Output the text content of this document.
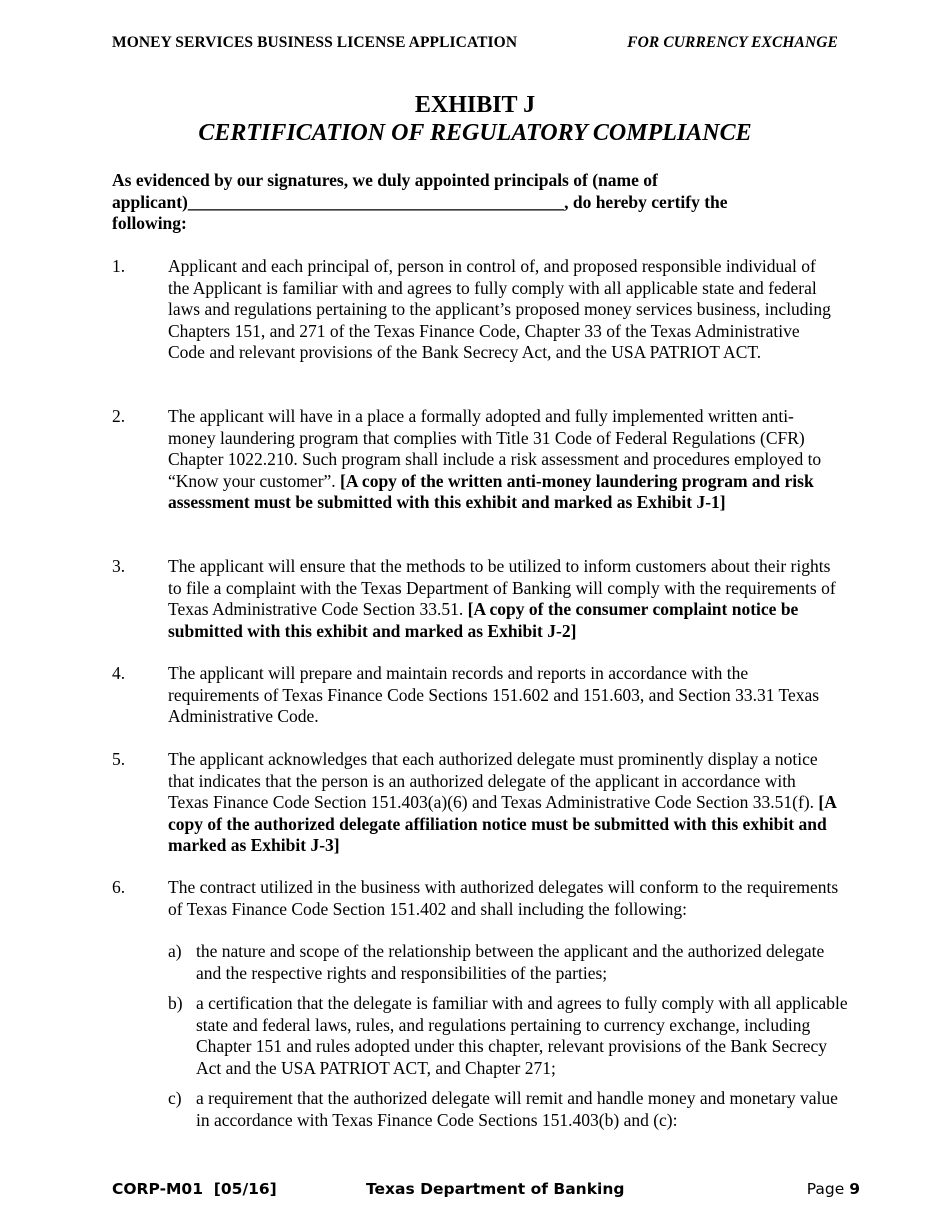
MONEY SERVICES BUSINESS LICENSE APPLICATION	FOR CURRENCY EXCHANGE
EXHIBIT J
CERTIFICATION OF REGULATORY COMPLIANCE
As evidenced by our signatures, we duly appointed principals of (name of applicant)___________________________________________, do hereby certify the following:
1. Applicant and each principal of, person in control of, and proposed responsible individual of the Applicant is familiar with and agrees to fully comply with all applicable state and federal laws and regulations pertaining to the applicant’s proposed money services business, including Chapters 151, and 271 of the Texas Finance Code, Chapter 33 of the Texas Administrative Code and relevant provisions of the Bank Secrecy Act, and the USA PATRIOT ACT.
2. The applicant will have in a place a formally adopted and fully implemented written anti-money laundering program that complies with Title 31 Code of Federal Regulations (CFR) Chapter 1022.210. Such program shall include a risk assessment and procedures employed to “Know your customer”. [A copy of the written anti-money laundering program and risk assessment must be submitted with this exhibit and marked as Exhibit J-1]
3. The applicant will ensure that the methods to be utilized to inform customers about their rights to file a complaint with the Texas Department of Banking will comply with the requirements of Texas Administrative Code Section 33.51. [A copy of the consumer complaint notice be submitted with this exhibit and marked as Exhibit J-2]
4. The applicant will prepare and maintain records and reports in accordance with the requirements of Texas Finance Code Sections 151.602 and 151.603, and Section 33.31 Texas Administrative Code.
5. The applicant acknowledges that each authorized delegate must prominently display a notice that indicates that the person is an authorized delegate of the applicant in accordance with Texas Finance Code Section 151.403(a)(6) and Texas Administrative Code Section 33.51(f). [A copy of the authorized delegate affiliation notice must be submitted with this exhibit and marked as Exhibit J-3]
6. The contract utilized in the business with authorized delegates will conform to the requirements of Texas Finance Code Section 151.402 and shall including the following:
a) the nature and scope of the relationship between the applicant and the authorized delegate and the respective rights and responsibilities of the parties;
b) a certification that the delegate is familiar with and agrees to fully comply with all applicable state and federal laws, rules, and regulations pertaining to currency exchange, including Chapter 151 and rules adopted under this chapter, relevant provisions of the Bank Secrecy Act and the USA PATRIOT ACT, and Chapter 271;
c) a requirement that the authorized delegate will remit and handle money and monetary value in accordance with Texas Finance Code Sections 151.403(b) and (c):
CORP-M01  [05/16]	Texas Department of Banking	Page 9
